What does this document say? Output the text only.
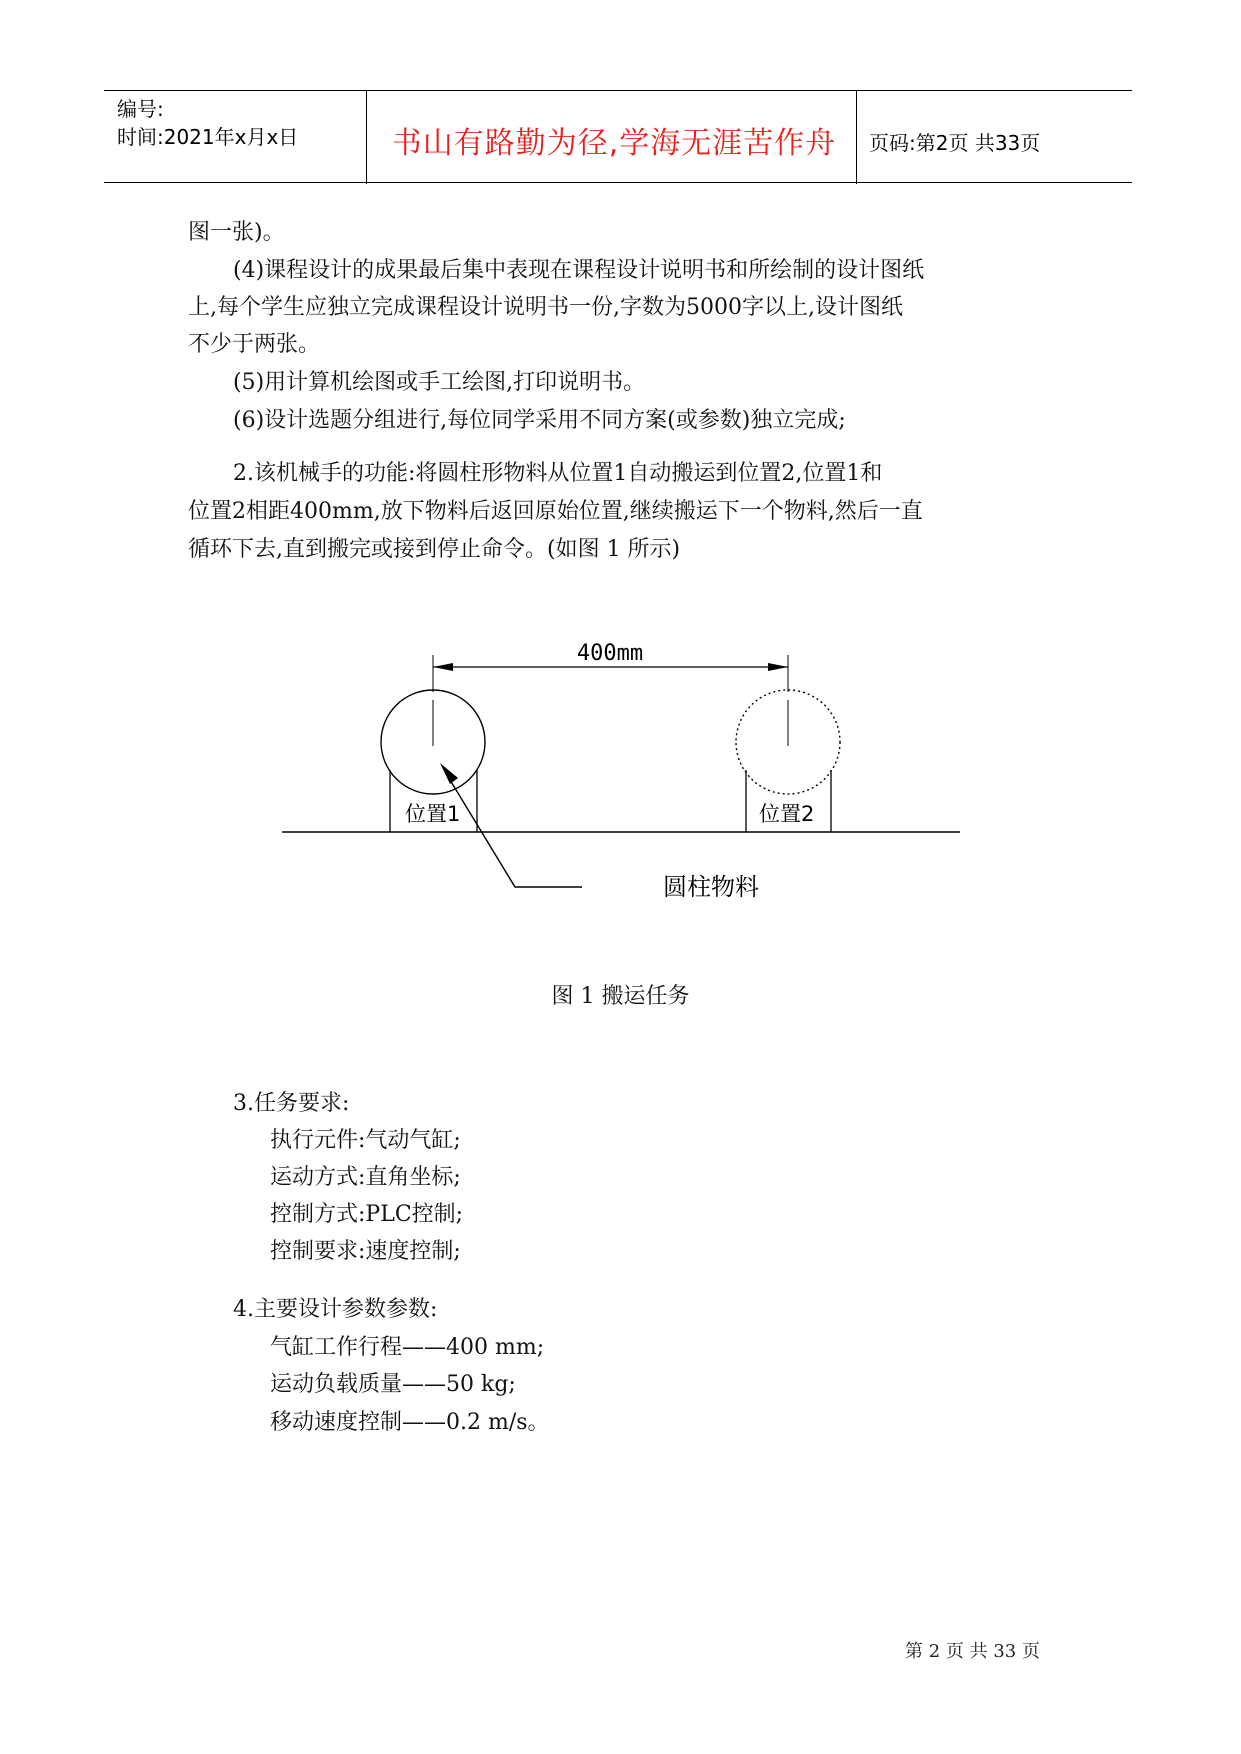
编号:
时间:2021年x月x日	书山有路勤为径,学海无涯苦作舟	页码:第2页 共33页
图一张)。
(4)课程设计的成果最后集中表现在课程设计说明书和所绘制的设计图纸
上,每个学生应独立完成课程设计说明书一份,字数为5000字以上,设计图纸
不少于两张。
(5)用计算机绘图或手工绘图,打印说明书。
(6)设计选题分组进行,每位同学采用不同方案(或参数)独立完成;
2.该机械手的功能:将圆柱形物料从位置1自动搬运到位置2,位置1和
位置2相距400mm,放下物料后返回原始位置,继续搬运下一个物料,然后一直
循环下去,直到搬完或接到停止命令。(如图 1 所示)
400mm
位置1	位置2
圆柱物料
图 1 搬运任务
3.任务要求:
执行元件:气动气缸;
运动方式:直角坐标;
控制方式:PLC控制;
控制要求:速度控制;
4.主要设计参数参数:
气缸工作行程——400 mm;
运动负载质量——50 kg;
移动速度控制——0.2 m/s。
第 2 页 共 33 页
